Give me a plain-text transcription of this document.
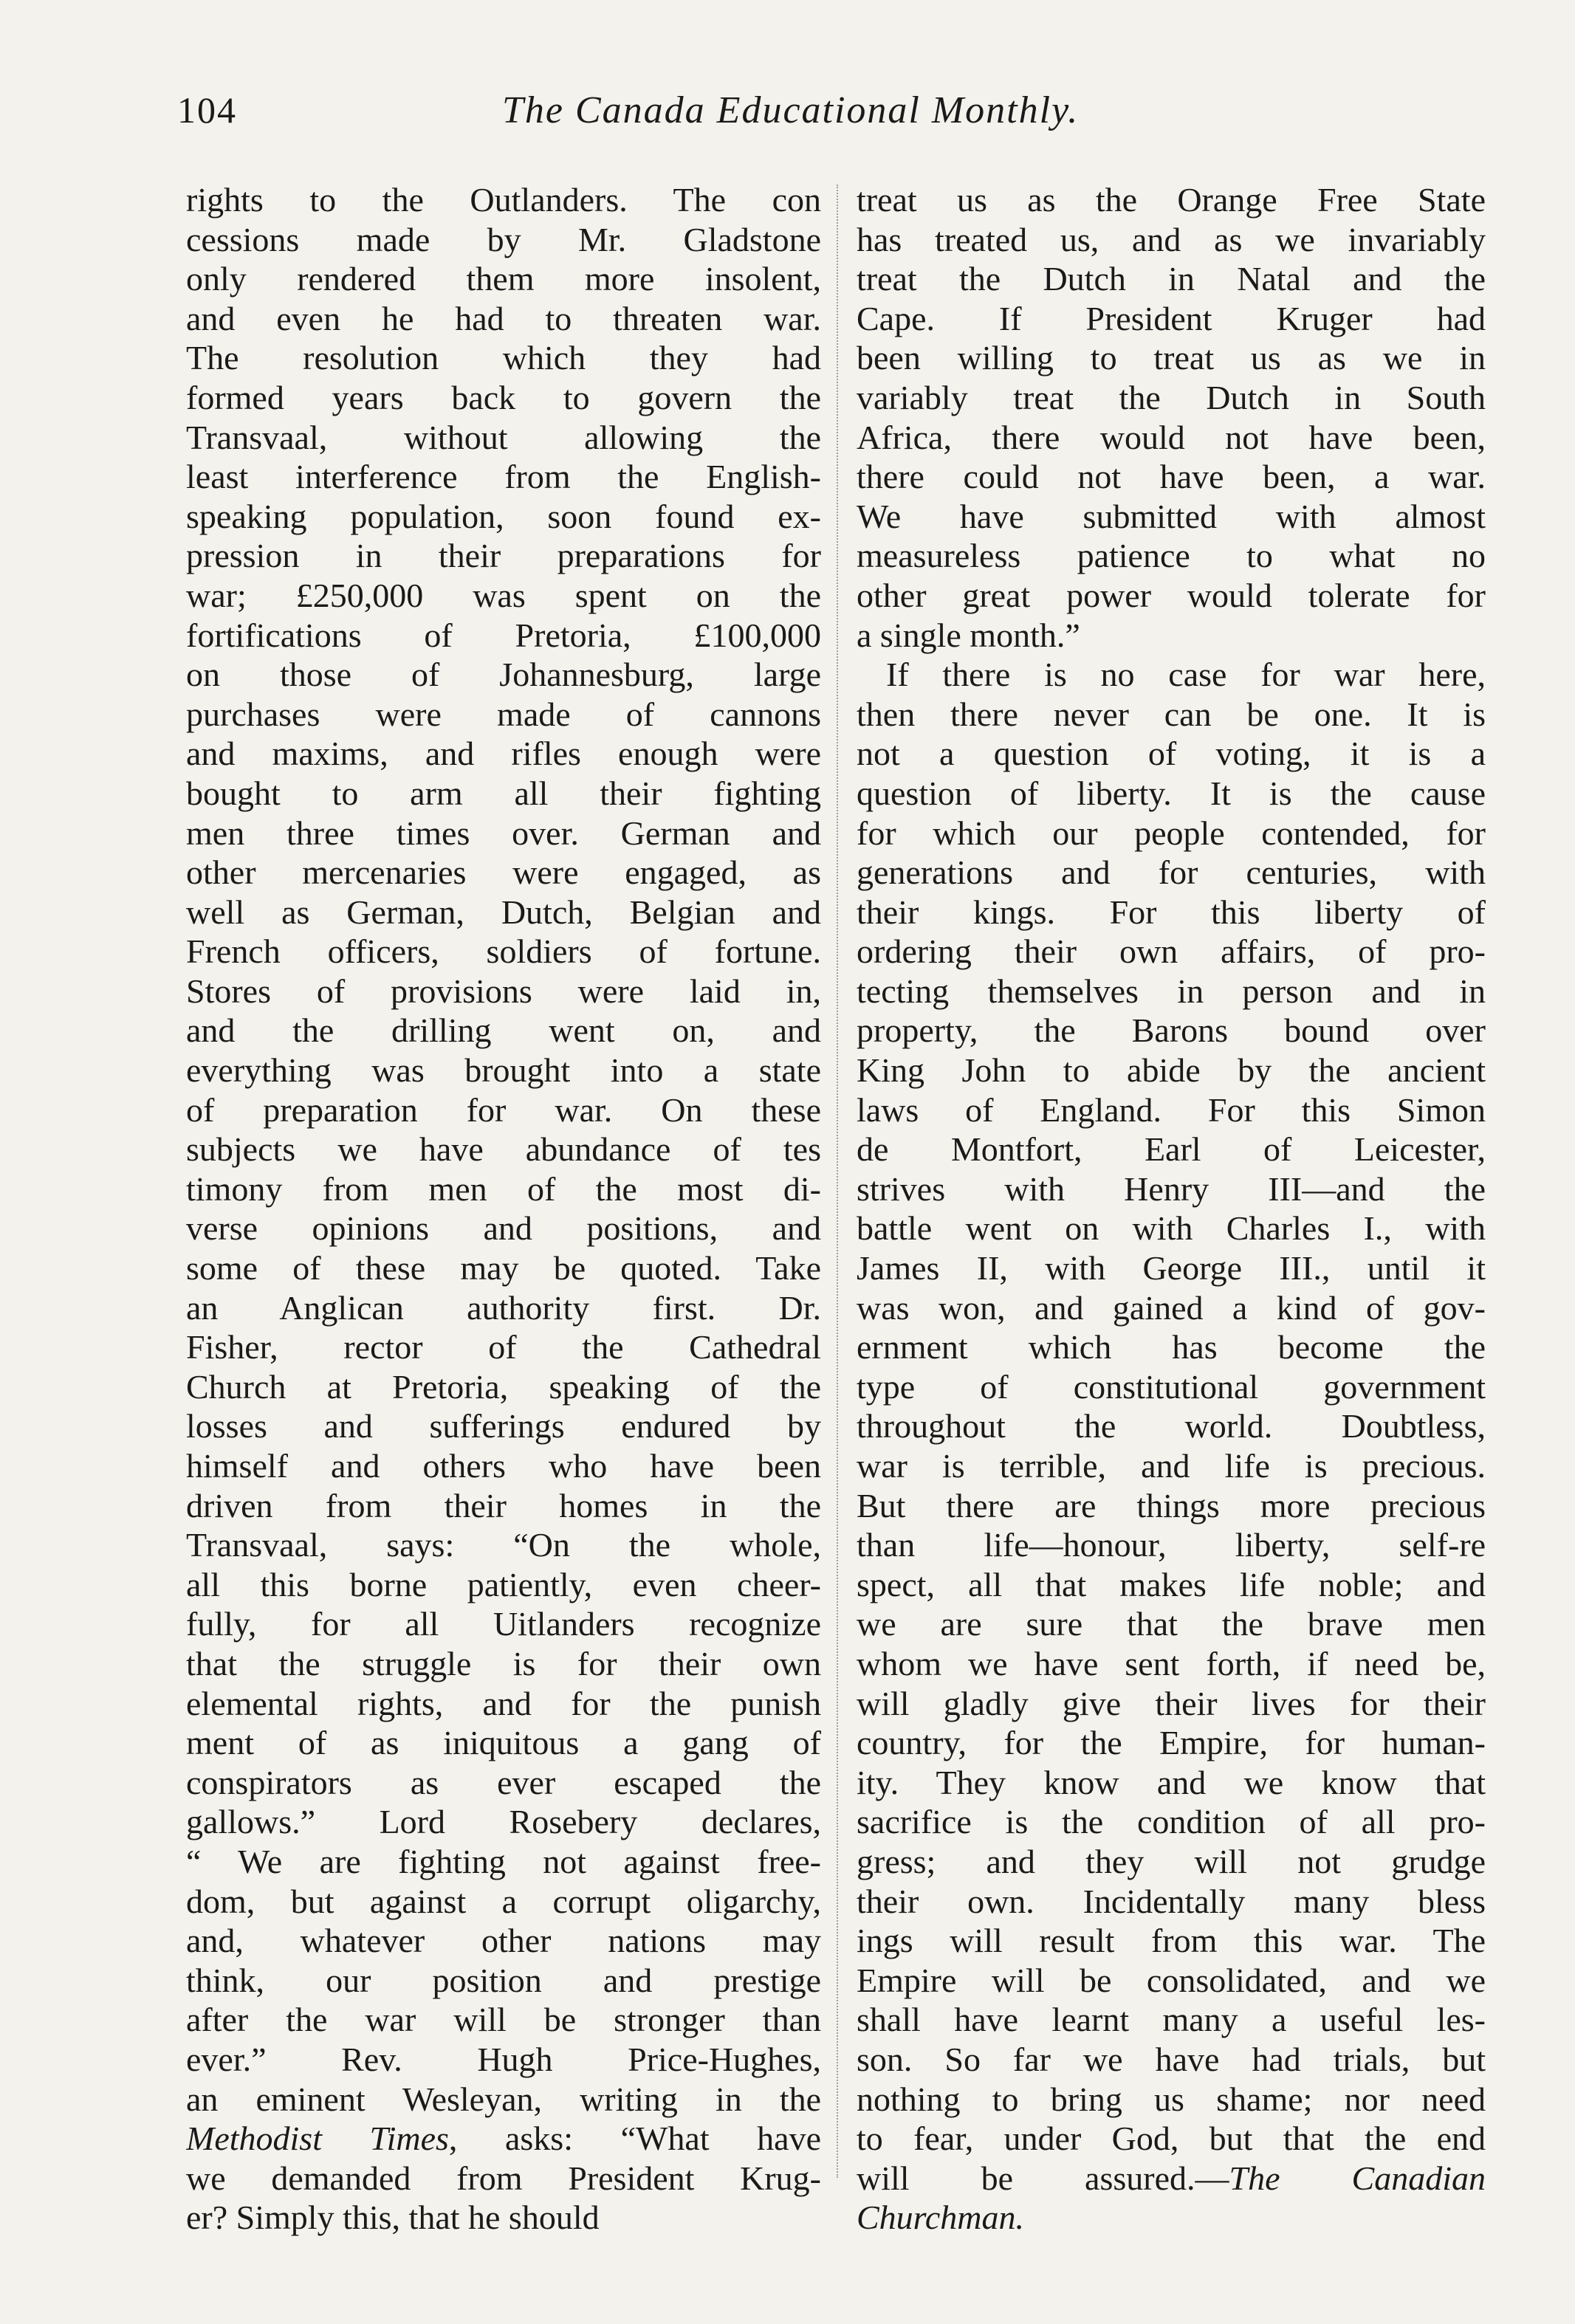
104	The Canada Educational Monthly.
rights to the Outlanders. The con
cessions made by Mr. Gladstone
only rendered them more insolent,
and even he had to threaten war.
The resolution which they had
formed years back to govern the
Transvaal, without allowing the
least interference from the English-
speaking population, soon found ex-
pression in their preparations for
war; £250,000 was spent on the
fortifications of Pretoria, £100,000
on those of Johannesburg, large
purchases were made of cannons
and maxims, and rifles enough were
bought to arm all their fighting
men three times over. German and
other mercenaries were engaged, as
well as German, Dutch, Belgian and
French officers, soldiers of fortune.
Stores of provisions were laid in,
and the drilling went on, and
everything was brought into a state
of preparation for war. On these
subjects we have abundance of tes
timony from men of the most di-
verse opinions and positions, and
some of these may be quoted. Take
an Anglican authority first. Dr.
Fisher, rector of the Cathedral
Church at Pretoria, speaking of the
losses and sufferings endured by
himself and others who have been
driven from their homes in the
Transvaal, says: “On the whole,
all this borne patiently, even cheer-
fully, for all Uitlanders recognize
that the struggle is for their own
elemental rights, and for the punish
ment of as iniquitous a gang of
conspirators as ever escaped the
gallows.” Lord Rosebery declares,
“ We are fighting not against free-
dom, but against a corrupt oligarchy,
and, whatever other nations may
think, our position and prestige
after the war will be stronger than
ever.” Rev. Hugh Price-Hughes,
an eminent Wesleyan, writing in the
Methodist Times, asks: “What have
we demanded from President Krug-
er? Simply this, that he should
treat us as the Orange Free State
has treated us, and as we invariably
treat the Dutch in Natal and the
Cape. If President Kruger had
been willing to treat us as we in
variably treat the Dutch in South
Africa, there would not have been,
there could not have been, a war.
We have submitted with almost
measureless patience to what no
other great power would tolerate for
a single month.”
If there is no case for war here,
then there never can be one. It is
not a question of voting, it is a
question of liberty. It is the cause
for which our people contended, for
generations and for centuries, with
their kings. For this liberty of
ordering their own affairs, of pro-
tecting themselves in person and in
property, the Barons bound over
King John to abide by the ancient
laws of England. For this Simon
de Montfort, Earl of Leicester,
strives with Henry III—and the
battle went on with Charles I., with
James II, with George III., until it
was won, and gained a kind of gov-
ernment which has become the
type of constitutional government
throughout the world. Doubtless,
war is terrible, and life is precious.
But there are things more precious
than life—honour, liberty, self-re
spect, all that makes life noble; and
we are sure that the brave men
whom we have sent forth, if need be,
will gladly give their lives for their
country, for the Empire, for human-
ity. They know and we know that
sacrifice is the condition of all pro-
gress; and they will not grudge
their own. Incidentally many bless
ings will result from this war. The
Empire will be consolidated, and we
shall have learnt many a useful les-
son. So far we have had trials, but
nothing to bring us shame; nor need
to fear, under God, but that the end
will be assured.—The Canadian
Churchman.
